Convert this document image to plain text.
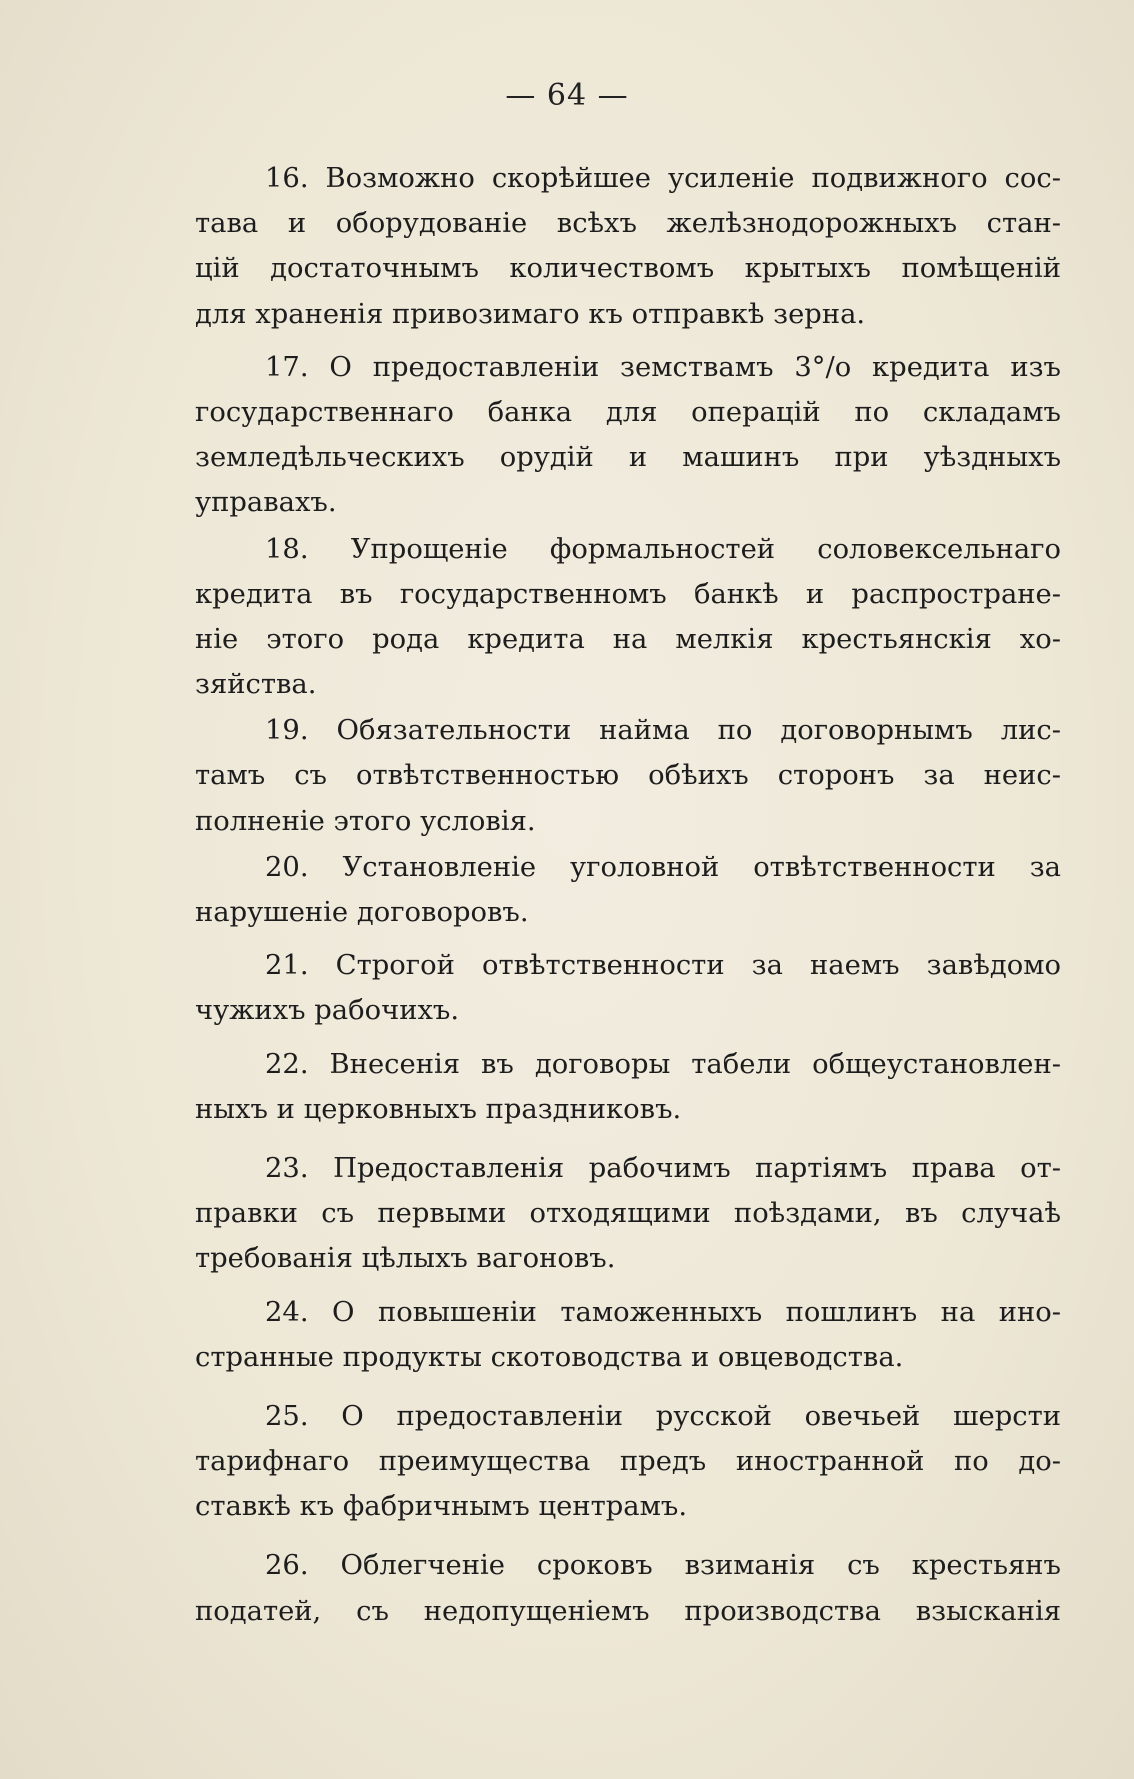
— 64 —
16. Возможно скорѣйшее усиленіе подвижного сос-
тава и оборудованіе всѣхъ желѣзнодорожныхъ стан-
цій достаточнымъ количествомъ крытыхъ помѣщеній
для храненія привозимаго къ отправкѣ зерна.
17. О предоставленіи земствамъ 3°/o кредита изъ
государственнаго банка для операцій по складамъ
земледѣльческихъ орудій и машинъ при уѣздныхъ
управахъ.
18. Упрощеніе формальностей соловексельнаго
кредита въ государственномъ банкѣ и распростране-
ніе этого рода кредита на мелкія крестьянскія хо-
зяйства.
19. Обязательности найма по договорнымъ лис-
тамъ съ отвѣтственностью обѣихъ сторонъ за неис-
полненіе этого условія.
20. Установленіе уголовной отвѣтственности за
нарушеніе договоровъ.
21. Строгой отвѣтственности за наемъ завѣдомо
чужихъ рабочихъ.
22. Внесенія въ договоры табели общеустановлен-
ныхъ и церковныхъ праздниковъ.
23. Предоставленія рабочимъ партіямъ права от-
правки съ первыми отходящими поѣздами, въ случаѣ
требованія цѣлыхъ вагоновъ.
24. О повышеніи таможенныхъ пошлинъ на ино-
странные продукты скотоводства и овцеводства.
25. О предоставленіи русской овечьей шерсти
тарифнаго преимущества предъ иностранной по до-
ставкѣ къ фабричнымъ центрамъ.
26. Облегченіе сроковъ взиманія съ крестьянъ
податей, съ недопущеніемъ производства взысканія
